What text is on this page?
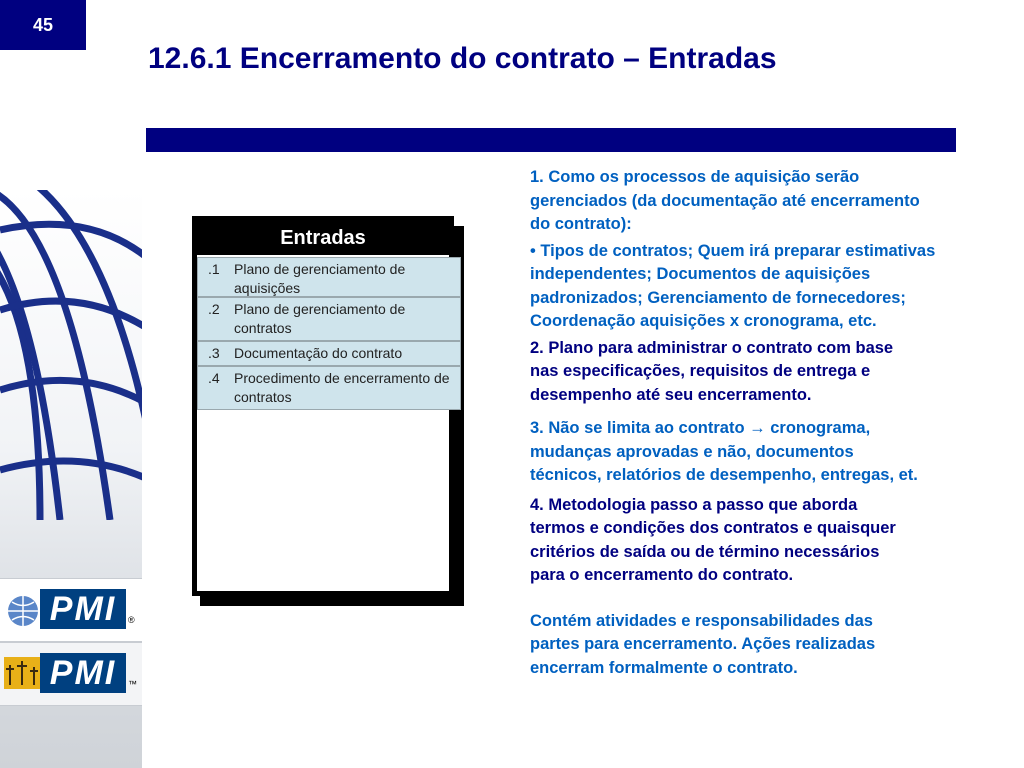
45
12.6.1 Encerramento do contrato – Entradas
PMI	®
PMI	™
Entradas
.1 Plano de gerenciamento de aquisições
.2 Plano de gerenciamento de contratos
.3 Documentação do contrato
.4 Procedimento de encerramento de contratos

1. Como os processos de aquisição serão
gerenciados (da documentação até encerramento
do contrato):

• Tipos de contratos; Quem irá preparar estimativas
independentes; Documentos de aquisições
padronizados; Gerenciamento de fornecedores;
Coordenação aquisições x cronograma, etc.

2. Plano para administrar o contrato com base
nas especificações, requisitos de entrega e
desempenho até seu encerramento.

3. Não se limita ao contrato → cronograma,
mudanças aprovadas e não, documentos
técnicos, relatórios de desempenho, entregas, et.

4. Metodologia passo a passo que aborda
termos e condições dos contratos e quaisquer
critérios de saída ou de término necessários
para o encerramento do contrato.

Contém atividades e responsabilidades das
partes para encerramento. Ações realizadas
encerram formalmente o contrato.
